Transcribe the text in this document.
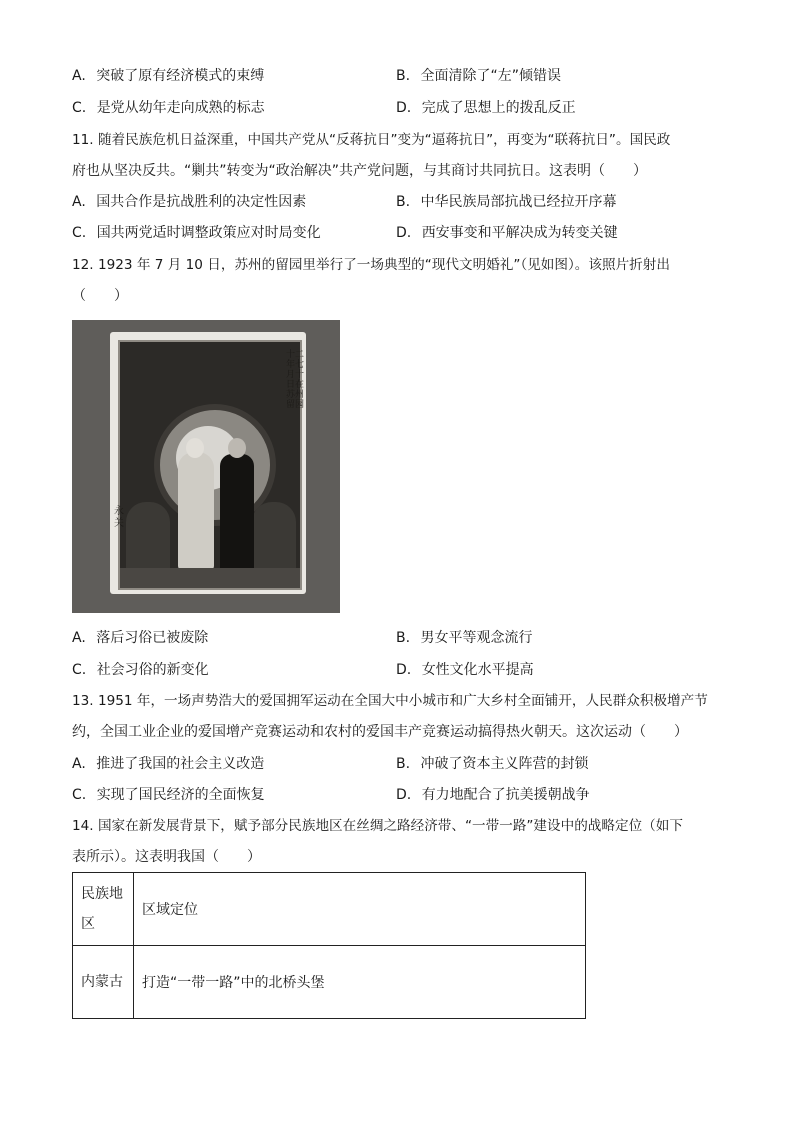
A. 突破了原有经济模式的束缚	B. 全面清除了“左”倾错误
C. 是党从幼年走向成熟的标志	D. 完成了思想上的拨乱反正
11. 随着民族危机日益深重，中国共产党从“反蒋抗日”变为“逼蒋抗日”，再变为“联蒋抗日”。国民政
府也从坚决反共。“剿共”转变为“政治解决”共产党问题，与其商讨共同抗日。这表明（　　）
A. 国共合作是抗战胜利的决定性因素	B. 中华民族局部抗战已经拉开序幕
C. 国共两党适时调整政策应对时局变化	D. 西安事变和平解决成为转变关键
12. 1923 年 7 月 10 日，苏州的留园里举行了一场典型的“现代文明婚礼”（见如图）。该照片折射出
（　　）
十二年七月十日在苏州留园
永关
A. 落后习俗已被废除	B. 男女平等观念流行
C. 社会习俗的新变化	D. 女性文化水平提高
13. 1951 年，一场声势浩大的爱国拥军运动在全国大中小城市和广大乡村全面铺开，人民群众积极增产节
约，全国工业企业的爱国增产竞赛运动和农村的爱国丰产竞赛运动搞得热火朝天。这次运动（　　）
A. 推进了我国的社会主义改造	B. 冲破了资本主义阵营的封锁
C. 实现了国民经济的全面恢复	D. 有力地配合了抗美援朝战争
14. 国家在新发展背景下，赋予部分民族地区在丝绸之路经济带、“一带一路”建设中的战略定位（如下
表所示）。这表明我国（　　）
民族地区	区域定位
内蒙古	打造“一带一路”中的北桥头堡
